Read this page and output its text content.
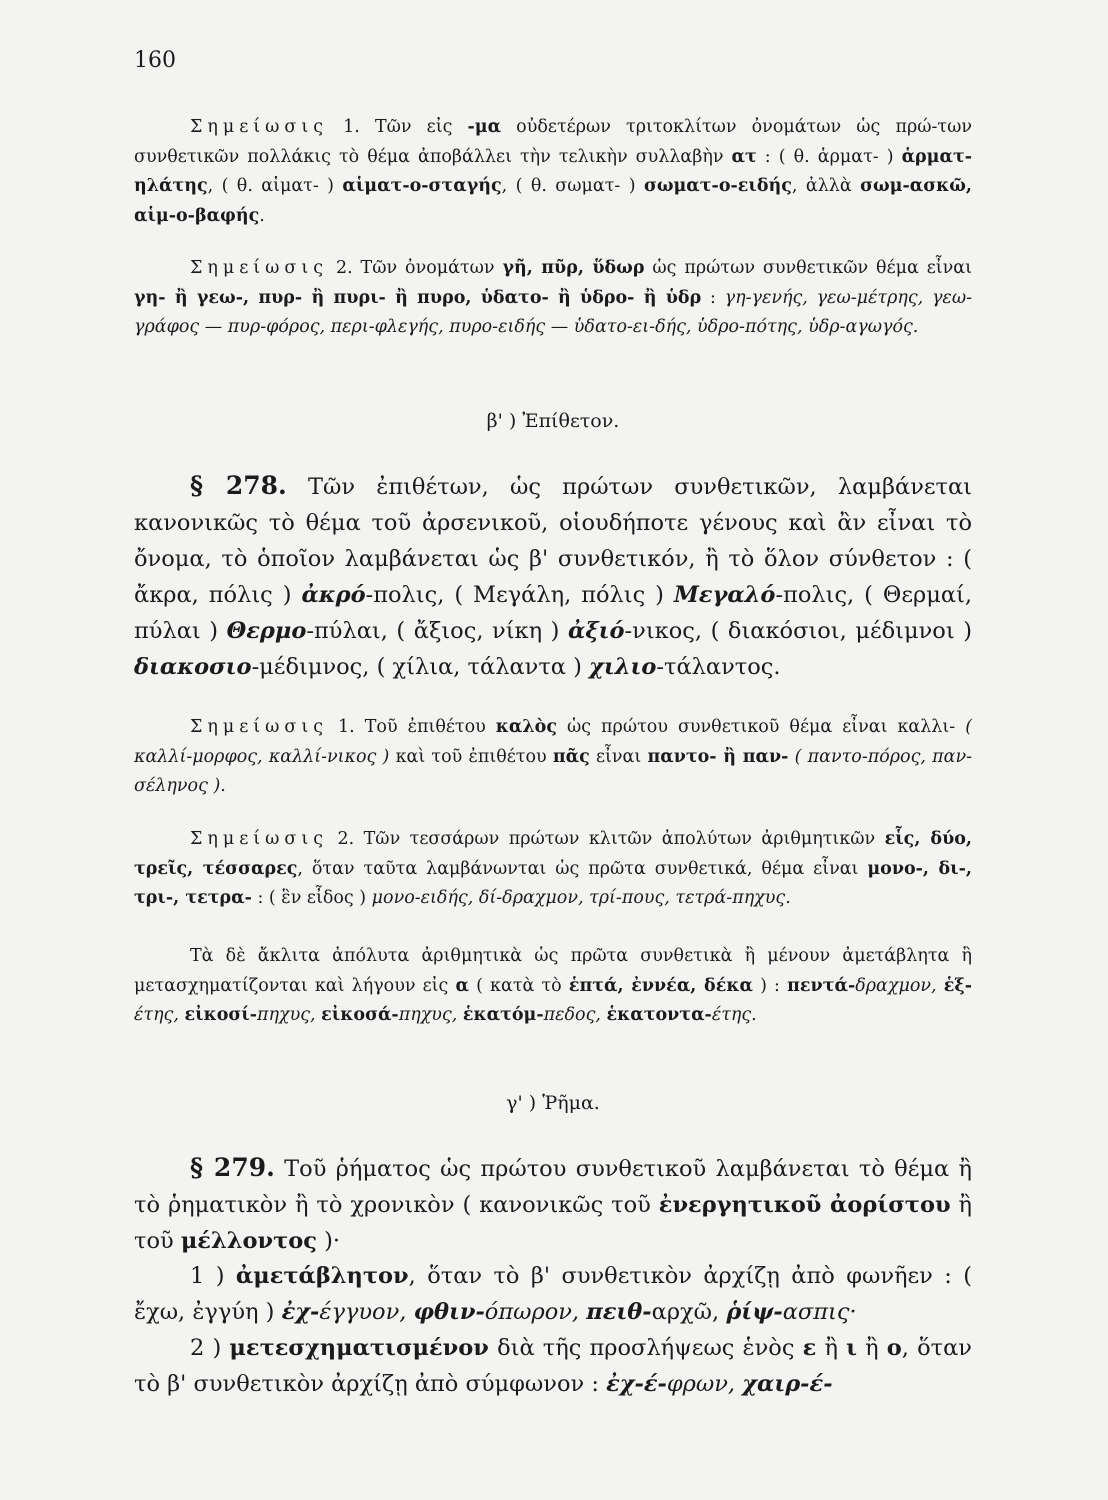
160
Σημείωσις 1. Τῶν εἰς -μα οὐδετέρων τριτοκλίτων ὀνομάτων ὡς πρώ-των συνθετικῶν πολλάκις τὸ θέμα ἀποβάλλει τὴν τελικὴν συλλαβὴν ατ : ( θ. ἁρματ- ) ἁρματ-ηλάτης, ( θ. αἱματ- ) αἱματ-ο-σταγής, ( θ. σωματ- ) σωματ-ο-ειδής, ἀλλὰ σωμ-ασκῶ, αἱμ-ο-βαφής.
Σημείωσις 2. Τῶν ὀνομάτων γῆ, πῦρ, ὕδωρ ὡς πρώτων συνθετικῶν θέμα εἶναι γη- ἢ γεω-, πυρ- ἢ πυρι- ἢ πυρο, ὑδατο- ἢ ὑδρο- ἢ ὑδρ : γη-γενής, γεω-μέτρης, γεω-γράφος — πυρ-φόρος, περι-φλεγής, πυρο-ειδής — ὑδατο-ει-δής, ὑδρο-πότης, ὑδρ-αγωγός.
β' ) Ἐπίθετον.
§ 278. Τῶν ἐπιθέτων, ὡς πρώτων συνθετικῶν, λαμβάνεται κανονικῶς τὸ θέμα τοῦ ἀρσενικοῦ, οἱουδήποτε γένους καὶ ἂν εἶναι τὸ ὄνομα, τὸ ὁποῖον λαμβάνεται ὡς β' συνθετικόν, ἢ τὸ ὅλον σύνθετον : ( ἄκρα, πόλις ) ἀκρό-πολις, ( Μεγάλη, πόλις ) Μεγαλό-πολις, ( Θερμαί, πύλαι ) Θερμο-πύλαι, ( ἄξιος, νίκη ) ἀξιό-νικος, ( διακόσιοι, μέδιμνοι ) διακοσιο-μέδιμνος, ( χίλια, τάλαντα ) χιλιο-τάλαντος.
Σημείωσις 1. Τοῦ ἐπιθέτου καλὸς ὡς πρώτου συνθετικοῦ θέμα εἶναι καλλι- ( καλλί-μορφος, καλλί-νικος ) καὶ τοῦ ἐπιθέτου πᾶς εἶναι παντο- ἢ παν- ( παντο-πόρος, παν-σέληνος ).
Σημείωσις 2. Τῶν τεσσάρων πρώτων κλιτῶν ἀπολύτων ἀριθμητικῶν εἷς, δύο, τρεῖς, τέσσαρες, ὅταν ταῦτα λαμβάνωνται ὡς πρῶτα συνθετικά, θέμα εἶναι μονο-, δι-, τρι-, τετρα- : ( ἓν εἶδος ) μονο-ειδής, δί-δραχμον, τρί-πους, τετρά-πηχυς.
Τὰ δὲ ἄκλιτα ἀπόλυτα ἀριθμητικὰ ὡς πρῶτα συνθετικὰ ἢ μένουν ἀμετάβλητα ἢ μετασχηματίζονται καὶ λήγουν εἰς α ( κατὰ τὸ ἑπτά, ἐννέα, δέκα ) : πεντά-δραχμον, ἑξ-έτης, εἰκοσί-πηχυς, εἰκοσά-πηχυς, ἑκατόμ-πεδος, ἑκατοντα-έτης.
γ' ) Ῥῆμα.
§ 279. Τοῦ ῥήματος ὡς πρώτου συνθετικοῦ λαμβάνεται τὸ θέμα ἢ τὸ ῥηματικὸν ἢ τὸ χρονικὸν ( κανονικῶς τοῦ ἐνεργητικοῦ ἀορίστου ἢ τοῦ μέλλοντος )·
1 ) ἀμετάβλητον, ὅταν τὸ β' συνθετικὸν ἀρχίζῃ ἀπὸ φωνῆεν : ( ἔχω, ἐγγύη ) ἐχ-έγγυον, φθιν-όπωρον, πειθ-αρχῶ, ῥίψ-ασπις·
2 ) μετεσχηματισμένον διὰ τῆς προσλήψεως ἑνὸς ε ἢ ι ἢ ο, ὅταν τὸ β' συνθετικὸν ἀρχίζῃ ἀπὸ σύμφωνον : ἐχ-έ-φρων, χαιρ-έ-
